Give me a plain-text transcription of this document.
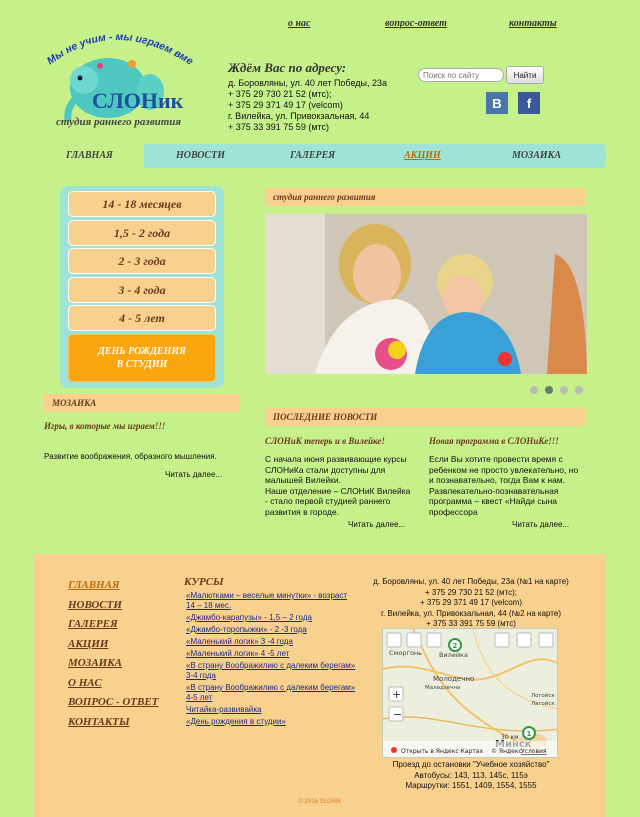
Мы не учим - мы играем вме
СЛОНик
студия раннего развития
о нас	вопрос-ответ	контакты
Ждём Вас по адресу:
д. Боровляны, ул. 40 лет Победы, 23а
+ 375 29 730 21 52 (мтс);
+ 375 29 371 49 17 (velcom)
г. Вилейка, ул. Привокзальная, 44
+ 375 33 391 75 59 (мтс)
Поиск по сайту
Найти
B	f
ГЛАВНАЯ	НОВОСТИ	ГАЛЕРЕЯ	АКЦИИ	МОЗАИКА
14 - 18 месяцев
1,5 - 2 года
2 - 3 года
3 - 4 года
4 - 5 лет
ДЕНЬ РОЖДЕНИЯ
В СТУДИИ
МОЗАИКА
Игры, в которые мы играем!!!
Развитие воображения, образного мышления.
Читать далее...
студия раннего развития
ПОСЛЕДНИЕ НОВОСТИ
СЛОНиК теперь и в Вилейке!
С начала июня развивающие курсы
СЛОНиКа стали доступны для
малышей Вилейки.
Наше отделение – СЛОНиК Вилейка
- стало первой студией раннего
развития в городе.
Читать далее...
Новая программа в СЛОНиКе!!!
Если Вы хотите провести время с
ребенком не просто увлекательно, но
и познавательно, тогда Вам к нам.
Развлекательно-познавательная
программа – квест «Найди сына
профессора
Читать далее...
ГЛАВНАЯ
НОВОСТИ
ГАЛЕРЕЯ
АКЦИИ
МОЗАИКА
О НАС
ВОПРОС - ОТВЕТ
КОНТАКТЫ
КУРСЫ
«Малютками – веселые минутки» - возраст 14 – 18 мес.
«Джамбо-карапузы» - 1,5 – 2 года
«Джамбо-торопыжки» - 2 -3 года
«Маленький логик» 3 -4 года
«Маленький логик» 4 -5 лет
«В страну Воображилию с далеким берегам» 3-4 года
«В страну Воображилию с далеким берегам» 4-5 лет
Читайка-развивайка
«День рождения в студии»
д. Боровляны, ул. 40 лет Победы, 23а (№1 на карте)
+ 375 29 730 21 52 (мтс);
+ 375 29 371 49 17 (velcom)
г. Вилейка, ул. Привокзальная, 44 (№2 на карте)
+ 375 33 391 75 59 (мтс)
Сморгонь	Вилейка
Молодечно
Маладзечна
Логойск
Лагойск
2
1
+
−
30 км
Открыть в Яндекс Картах © Яндекс Условия
Проезд до остановки "Учебное хозяйство"
Автобусы: 143, 113, 145с, 115э
Маршрутки: 1551, 1409, 1554, 1555
© 2016 SLONIK
